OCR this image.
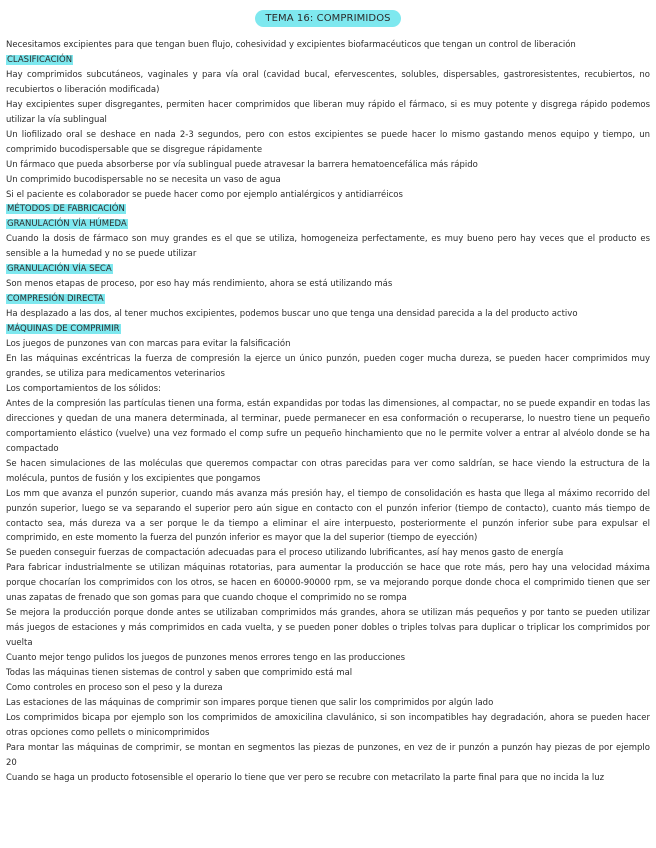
TEMA 16: COMPRIMIDOS

Necesitamos excipientes para que tengan buen flujo, cohesividad y excipientes biofarmacéuticos que tengan un control de liberación

CLASIFICACIÓN

Hay comprimidos subcutáneos, vaginales y para vía oral (cavidad bucal, efervescentes, solubles, dispersables, gastroresistentes, recubiertos, no recubiertos o liberación modificada)

Hay excipientes super disgregantes, permiten hacer comprimidos que liberan muy rápido el fármaco, si es muy potente y disgrega rápido podemos utilizar la vía sublingual

Un liofilizado oral se deshace en nada 2-3 segundos, pero con estos excipientes se puede hacer lo mismo gastando menos equipo y tiempo, un comprimido bucodispersable que se disgregue rápidamente

Un fármaco que pueda absorberse por vía sublingual puede atravesar la barrera hematoencefálica más rápido

Un comprimido bucodispersable no se necesita un vaso de agua

Si el paciente es colaborador se puede hacer como por ejemplo antialérgicos y antidiarréicos

MÉTODOS DE FABRICACIÓN

GRANULACIÓN VÍA HÚMEDA

Cuando la dosis de fármaco son muy grandes es el que se utiliza, homogeneiza perfectamente, es muy bueno pero hay veces que el producto es sensible a la humedad y no se puede utilizar

GRANULACIÓN VÍA SECA

Son menos etapas de proceso, por eso hay más rendimiento, ahora se está utilizando más

COMPRESIÓN DIRECTA

Ha desplazado a las dos, al tener muchos excipientes, podemos buscar uno que tenga una densidad parecida a la del producto activo

MÁQUINAS DE COMPRIMIR

Los juegos de punzones van con marcas para evitar la falsificación

En las máquinas excéntricas la fuerza de compresión la ejerce un único punzón, pueden coger mucha dureza, se pueden hacer comprimidos muy grandes, se utiliza para medicamentos veterinarios

Los comportamientos de los sólidos:

Antes de la compresión las partículas tienen una forma, están expandidas por todas las dimensiones, al compactar, no se puede expandir en todas las direcciones y quedan de una manera determinada, al terminar, puede permanecer en esa conformación o recuperarse, lo nuestro tiene un pequeño comportamiento elástico (vuelve) una vez formado el comp sufre un pequeño hinchamiento que no le permite volver a entrar al alvéolo donde se ha compactado

Se hacen simulaciones de las moléculas que queremos compactar con otras parecidas para ver como saldrían, se hace viendo la estructura de la molécula, puntos de fusión y los excipientes que pongamos

Los mm que avanza el punzón superior, cuando más avanza más presión hay, el tiempo de consolidación es hasta que llega al máximo recorrido del punzón superior, luego se va separando el superior pero aún sigue en contacto con el punzón inferior (tiempo de contacto), cuanto más tiempo de contacto sea, más dureza va a ser porque le da tiempo a eliminar el aire interpuesto, posteriormente el punzón inferior sube para expulsar el comprimido, en este momento la fuerza del punzón inferior es mayor que la del superior (tiempo de eyección)

Se pueden conseguir fuerzas de compactación adecuadas para el proceso utilizando lubrificantes, así hay menos gasto de energía

Para fabricar industrialmente se utilizan máquinas rotatorias, para aumentar la producción se hace que rote más, pero hay una velocidad máxima porque chocarían los comprimidos con los otros, se hacen en 60000-90000 rpm, se va mejorando porque donde choca el comprimido tienen que ser unas zapatas de frenado que son gomas para que cuando choque el comprimido no se rompa

Se mejora la producción porque donde antes se utilizaban comprimidos más grandes, ahora se utilizan más pequeños y por tanto se pueden utilizar más juegos de estaciones y más comprimidos en cada vuelta, y se pueden poner dobles o triples tolvas para duplicar o triplicar los comprimidos por vuelta

Cuanto mejor tengo pulidos los juegos de punzones menos errores tengo en las producciones

Todas las máquinas tienen sistemas de control y saben que comprimido está mal

Como controles en proceso son el peso y la dureza

Las estaciones de las máquinas de comprimir son impares porque tienen que salir los comprimidos por algún lado

Los comprimidos bicapa por ejemplo son los comprimidos de amoxicilina clavulánico, si son incompatibles hay degradación, ahora se pueden hacer otras opciones como pellets o minicomprimidos

Para montar las máquinas de comprimir, se montan en segmentos las piezas de punzones, en vez de ir punzón a punzón hay piezas de por ejemplo 20

Cuando se haga un producto fotosensible el operario lo tiene que ver pero se recubre con metacrilato la parte final para que no incida la luz
